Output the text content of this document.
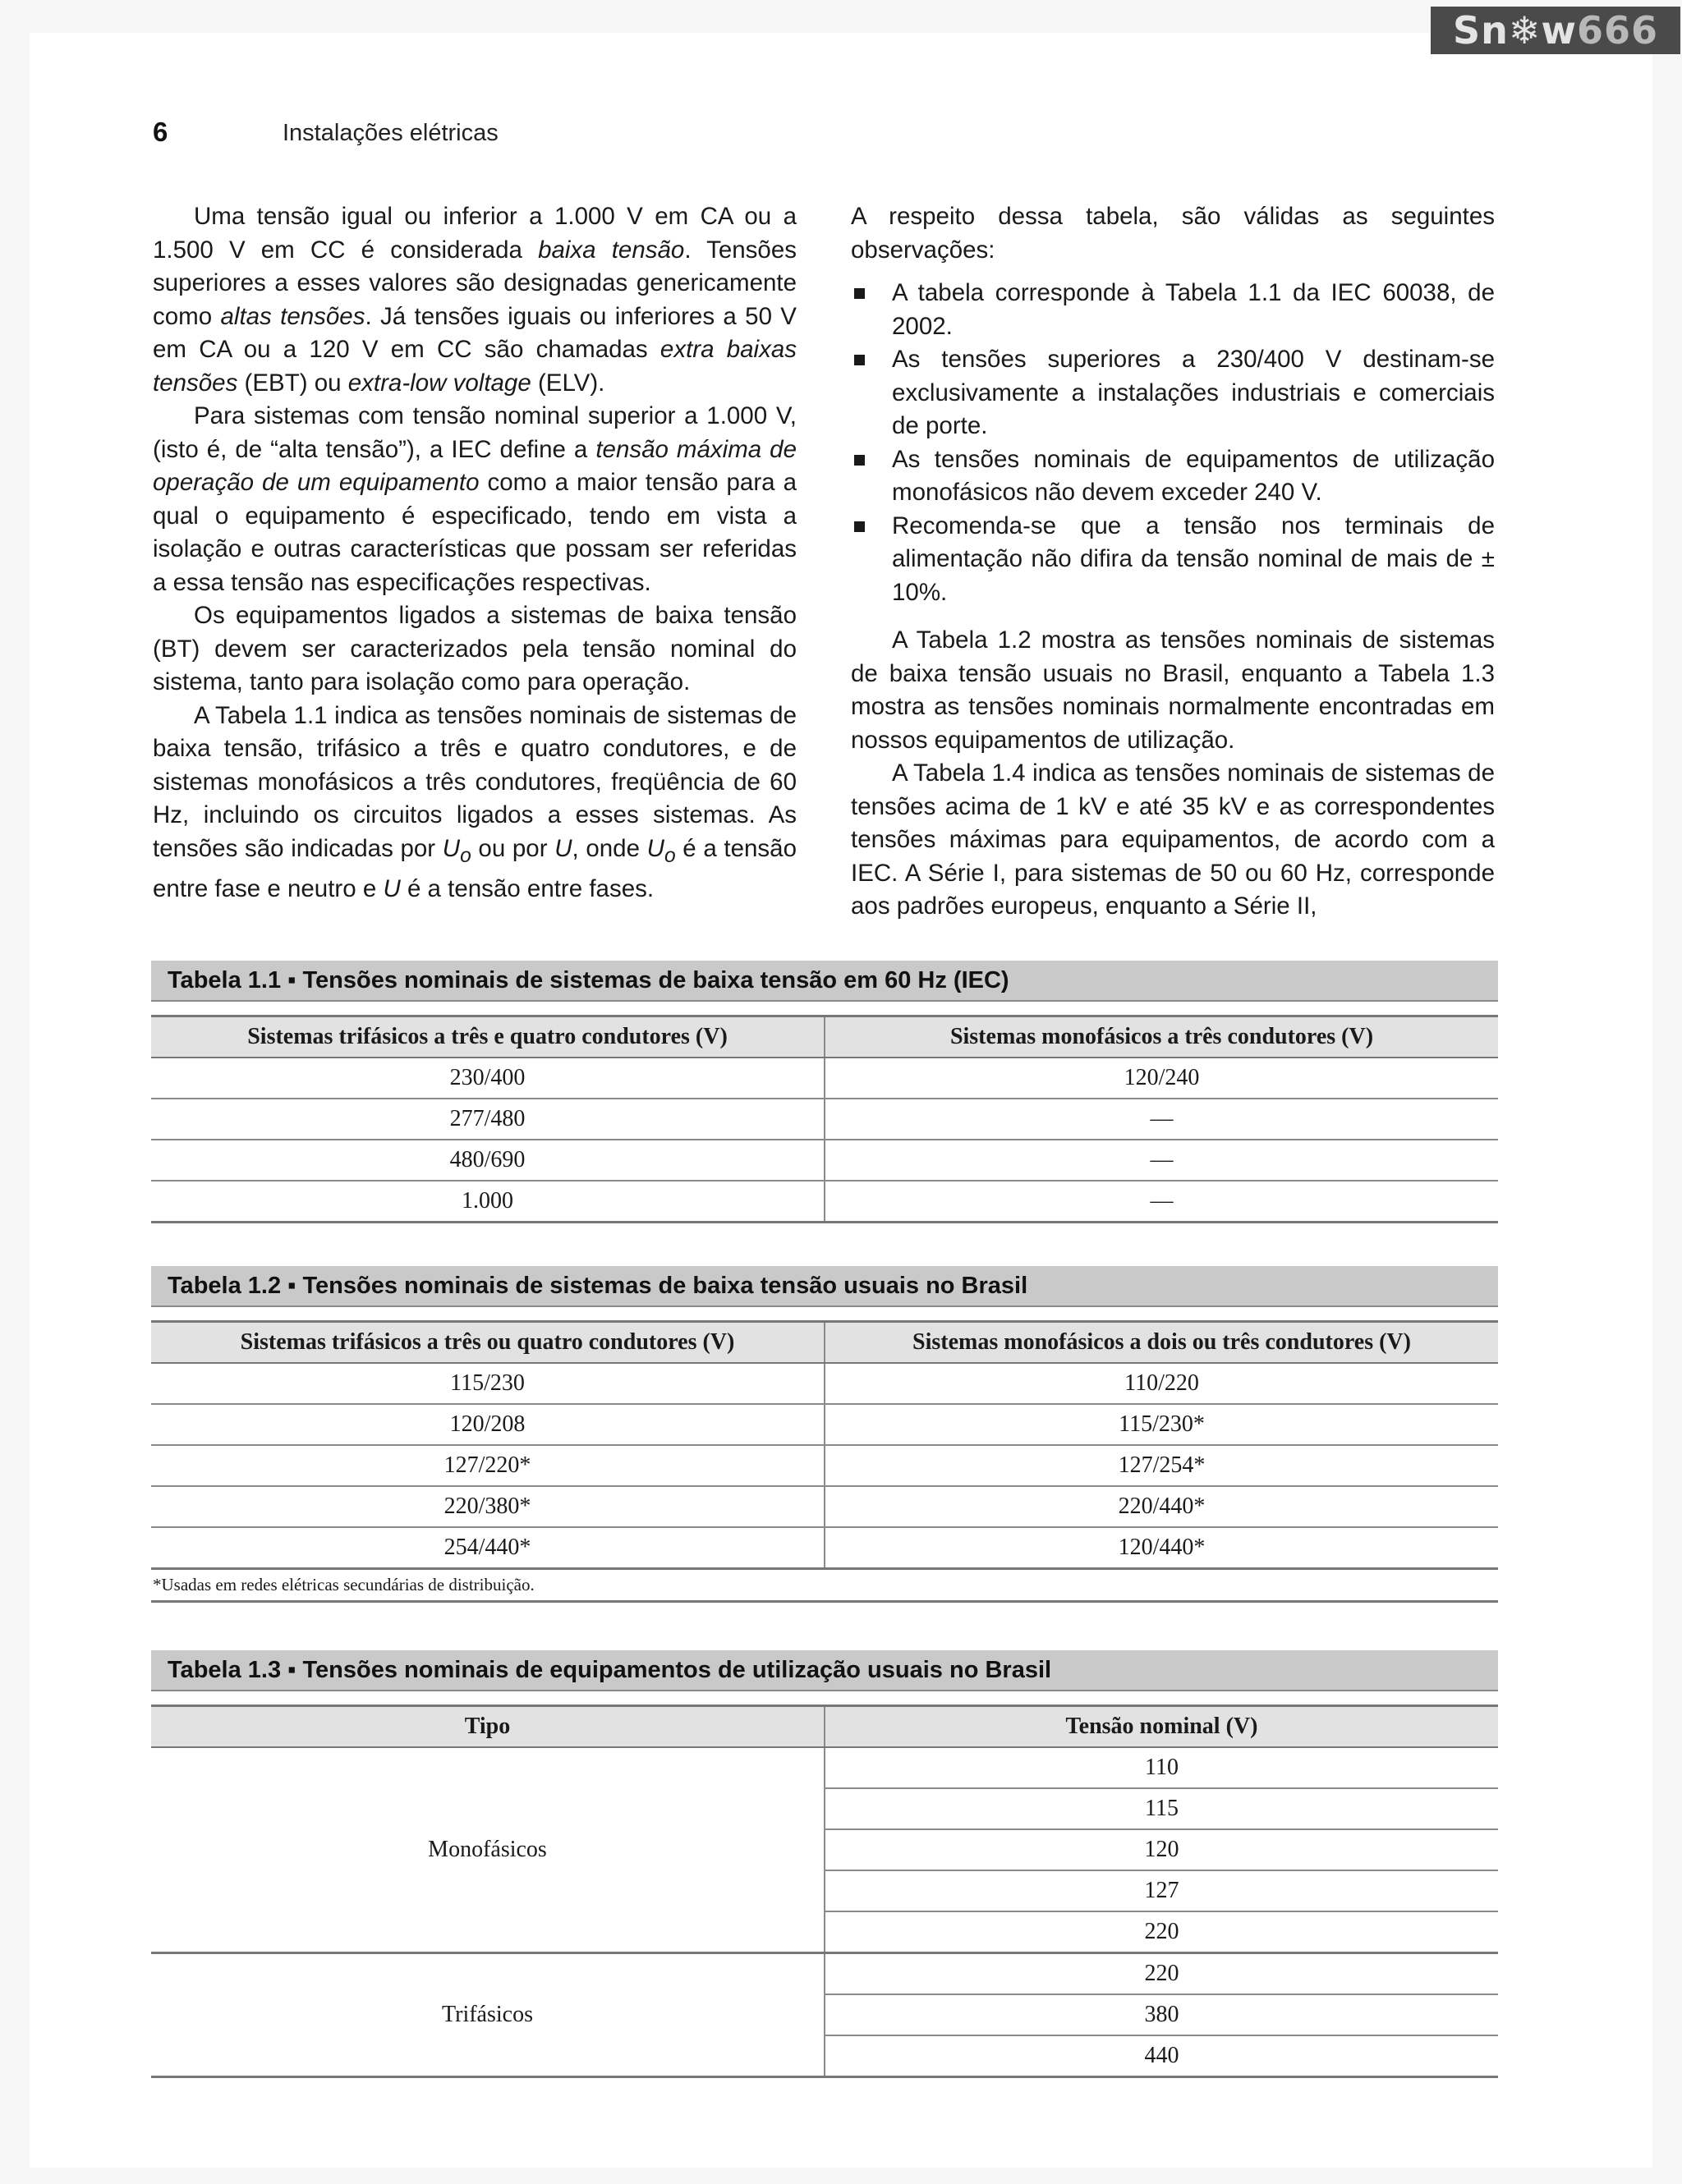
Sn❄w666
6	Instalações elétricas

Uma tensão igual ou inferior a 1.000 V em CA ou a 1.500 V em CC é considerada baixa tensão. Tensões superiores a esses valores são designadas genericamente como altas tensões. Já tensões iguais ou inferiores a 50 V em CA ou a 120 V em CC são chamadas extra baixas tensões (EBT) ou extra-low voltage (ELV).

Para sistemas com tensão nominal superior a 1.000 V, (isto é, de “alta tensão”), a IEC define a tensão máxima de operação de um equipamento como a maior tensão para a qual o equipamento é especificado, tendo em vista a isolação e outras características que possam ser referidas a essa tensão nas especificações respectivas.

Os equipamentos ligados a sistemas de baixa tensão (BT) devem ser caracterizados pela tensão nominal do sistema, tanto para isolação como para operação.

A Tabela 1.1 indica as tensões nominais de sistemas de baixa tensão, trifásico a três e quatro condutores, e de sistemas monofásicos a três condutores, freqüência de 60 Hz, incluindo os circuitos ligados a esses sistemas. As tensões são indicadas por $U_o$ ou por U, onde $U_o$ é a tensão entre fase e neutro e U é a tensão entre fases.

A respeito dessa tabela, são válidas as seguintes observações:

A tabela corresponde à Tabela 1.1 da IEC 60038, de 2002.
As tensões superiores a 230/400 V destinam-se exclusivamente a instalações industriais e comerciais de porte.
As tensões nominais de equipamentos de utilização monofásicos não devem exceder 240 V.
Recomenda-se que a tensão nos terminais de alimentação não difira da tensão nominal de mais de ± 10%.

A Tabela 1.2 mostra as tensões nominais de sistemas de baixa tensão usuais no Brasil, enquanto a Tabela 1.3 mostra as tensões nominais normalmente encontradas em nossos equipamentos de utilização.

A Tabela 1.4 indica as tensões nominais de sistemas de tensões acima de 1 kV e até 35 kV e as correspondentes tensões máximas para equipamentos, de acordo com a IEC. A Série I, para sistemas de 50 ou 60 Hz, corresponde aos padrões europeus, enquanto a Série II,

Tabela 1.1 ▪ Tensões nominais de sistemas de baixa tensão em 60 Hz (IEC)
Sistemas trifásicos a três e quatro condutores (V)	Sistemas monofásicos a três condutores (V)
230/400	120/240
277/480	—
480/690	—
1.000	—
Tabela 1.2 ▪ Tensões nominais de sistemas de baixa tensão usuais no Brasil
Sistemas trifásicos a três ou quatro condutores (V)	Sistemas monofásicos a dois ou três condutores (V)
115/230	110/220
120/208	115/230*
127/220*	127/254*
220/380*	220/440*
254/440*	120/440*
*Usadas em redes elétricas secundárias de distribuição.
Tabela 1.3 ▪ Tensões nominais de equipamentos de utilização usuais no Brasil
Tipo	Tensão nominal (V)
Monofásicos	110
	115
	120
	127
	220
Trifásicos	220
	380
	440
